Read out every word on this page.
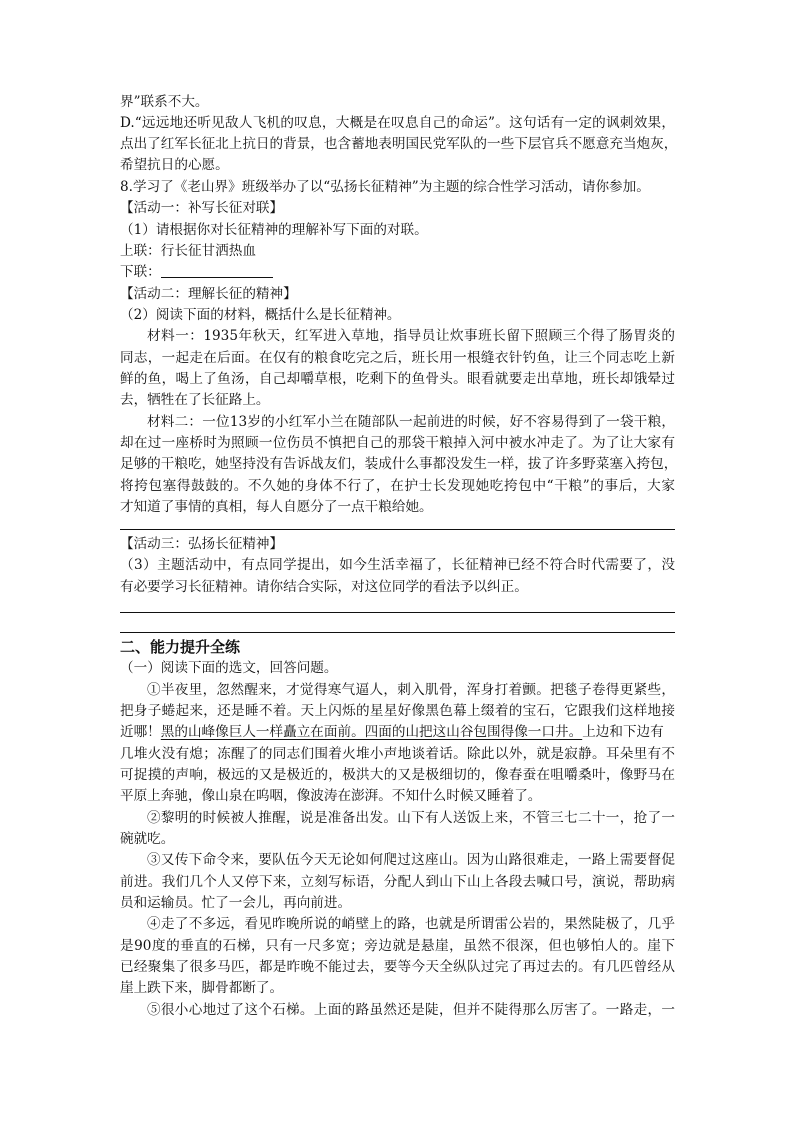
界”联系不大。
D.“远远地还听见敌人飞机的叹息，大概是在叹息自己的命运”。这句话有一定的讽刺效果，
点出了红军长征北上抗日的背景，也含蓄地表明国民党军队的一些下层官兵不愿意充当炮灰，
希望抗日的心愿。
8.学习了《老山界》班级举办了以“弘扬长征精神”为主题的综合性学习活动，请你参加。
【活动一：补写长征对联】
（1）请根据你对长征精神的理解补写下面的对联。
上联：行长征甘洒热血
下联：
【活动二：理解长征的精神】
（2）阅读下面的材料，概括什么是长征精神。
材料一：1935年秋天，红军进入草地，指导员让炊事班长留下照顾三个得了肠胃炎的
同志，一起走在后面。在仅有的粮食吃完之后，班长用一根缝衣针钓鱼，让三个同志吃上新
鲜的鱼，喝上了鱼汤，自己却嚼草根，吃剩下的鱼骨头。眼看就要走出草地，班长却饿晕过
去，牺牲在了长征路上。
材料二：一位13岁的小红军小兰在随部队一起前进的时候，好不容易得到了一袋干粮，
却在过一座桥时为照顾一位伤员不慎把自己的那袋干粮掉入河中被水冲走了。为了让大家有
足够的干粮吃，她坚持没有告诉战友们，装成什么事都没发生一样，拔了许多野菜塞入挎包，
将挎包塞得鼓鼓的。不久她的身体不行了，在护士长发现她吃挎包中“干粮”的事后，大家
才知道了事情的真相，每人自愿分了一点干粮给她。
【活动三：弘扬长征精神】
（3）主题活动中，有点同学提出，如今生活幸福了，长征精神已经不符合时代需要了，没
有必要学习长征精神。请你结合实际，对这位同学的看法予以纠正。
二、能力提升全练
（一）阅读下面的选文，回答问题。
①半夜里，忽然醒来，才觉得寒气逼人，刺入肌骨，浑身打着颤。把毯子卷得更紧些，
把身子蜷起来，还是睡不着。天上闪烁的星星好像黑色幕上缀着的宝石，它跟我们这样地接
近哪！黑的山峰像巨人一样矗立在面前。四面的山把这山谷包围得像一口井。上边和下边有
几堆火没有熄；冻醒了的同志们围着火堆小声地谈着话。除此以外，就是寂静。耳朵里有不
可捉摸的声响，极远的又是极近的，极洪大的又是极细切的，像春蚕在咀嚼桑叶，像野马在
平原上奔驰，像山泉在呜咽，像波涛在澎湃。不知什么时候又睡着了。
②黎明的时候被人推醒，说是准备出发。山下有人送饭上来，不管三七二十一，抢了一
碗就吃。
③又传下命令来，要队伍今天无论如何爬过这座山。因为山路很难走，一路上需要督促
前进。我们几个人又停下来，立刻写标语，分配人到山下山上各段去喊口号，演说，帮助病
员和运输员。忙了一会儿，再向前进。
④走了不多远，看见昨晚所说的峭壁上的路，也就是所谓雷公岩的，果然陡极了，几乎
是90度的垂直的石梯，只有一尺多宽；旁边就是悬崖，虽然不很深，但也够怕人的。崖下
已经聚集了很多马匹，都是昨晚不能过去，要等今天全纵队过完了再过去的。有几匹曾经从
崖上跌下来，脚骨都断了。
⑤很小心地过了这个石梯。上面的路虽然还是陡，但并不陡得那么厉害了。一路走，一
